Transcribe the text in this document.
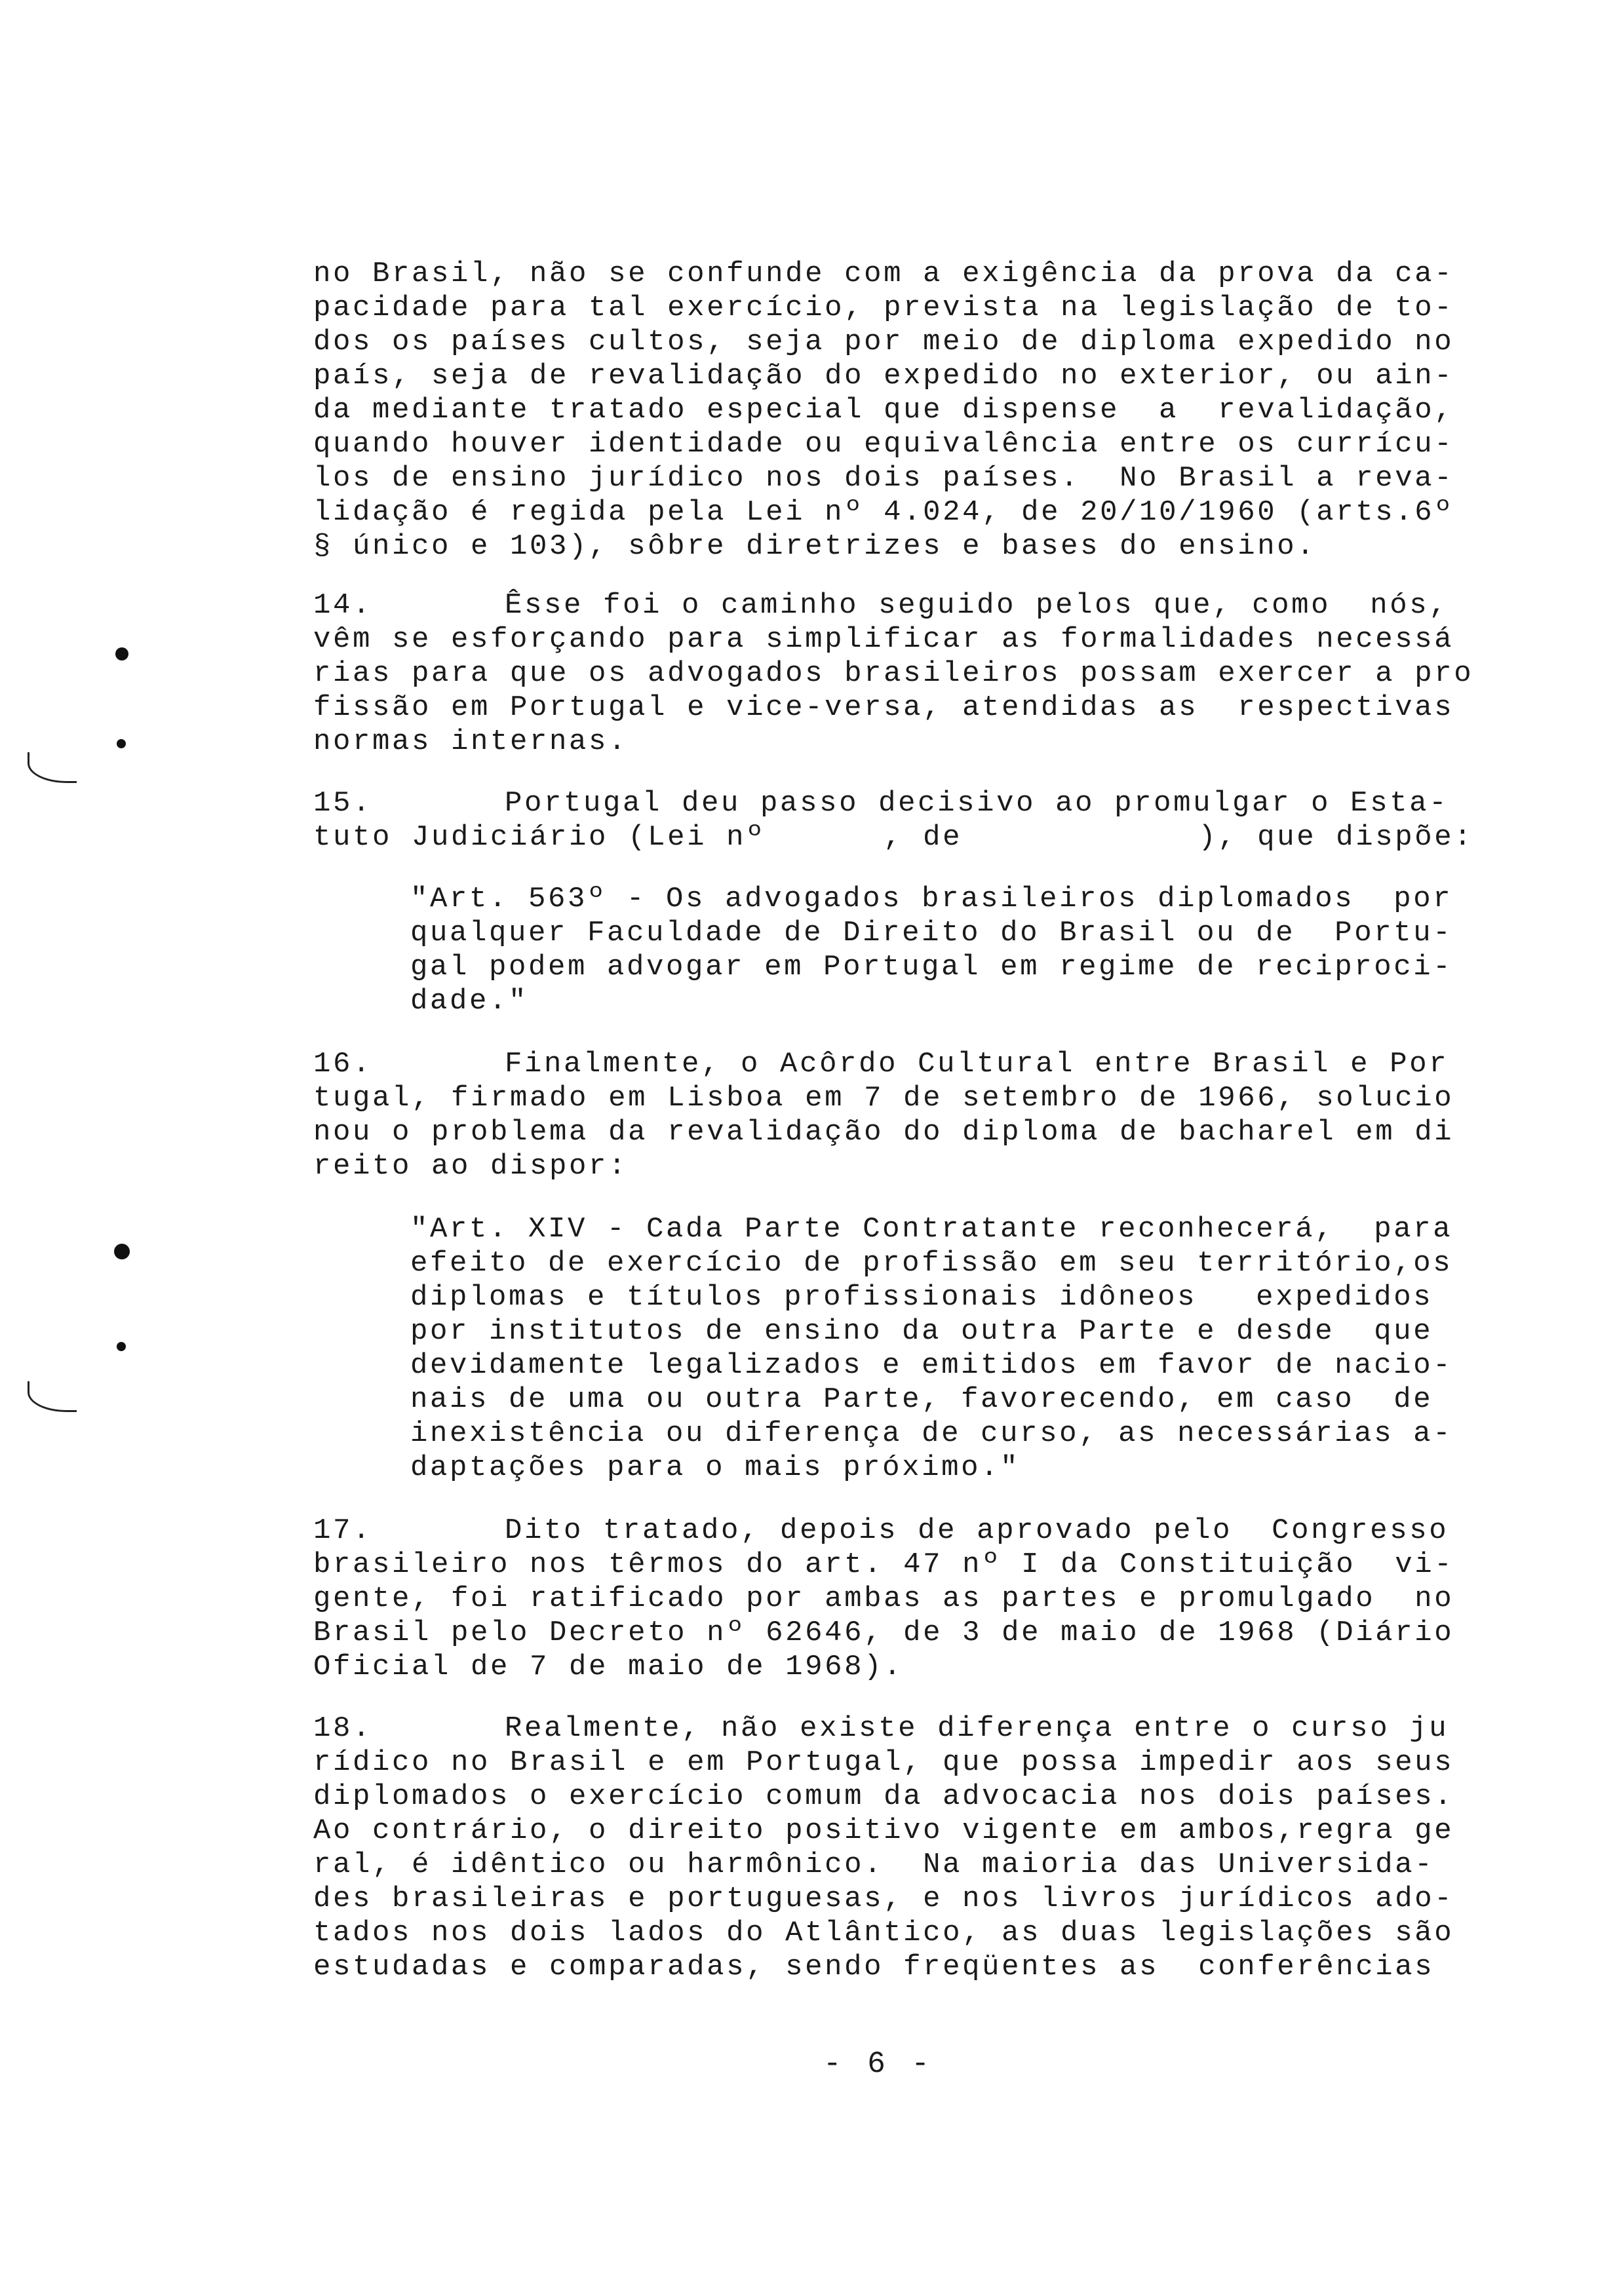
no Brasil, não se confunde com a exigência da prova da ca-
pacidade para tal exercício, prevista na legislação de to-
dos os países cultos, seja por meio de diploma expedido no
país, seja de revalidação do expedido no exterior, ou ain-
da mediante tratado especial que dispense  a  revalidação,
quando houver identidade ou equivalência entre os currícu-
los de ensino jurídico nos dois países.  No Brasil a reva-
lidação é regida pela Lei nº 4.024, de 20/10/1960 (arts.6º
§ único e 103), sôbre diretrizes e bases do ensino.
14.	Êsse foi o caminho seguido pelos que, como  nós,
vêm se esforçando para simplificar as formalidades necessá
rias para que os advogados brasileiros possam exercer a pro
fissão em Portugal e vice-versa, atendidas as  respectivas
normas internas.
15.	Portugal deu passo decisivo ao promulgar o Esta-
tuto Judiciário (Lei nº      , de            ), que dispõe:
"Art. 563º - Os advogados brasileiros diplomados  por
qualquer Faculdade de Direito do Brasil ou de  Portu-
gal podem advogar em Portugal em regime de reciproci-
dade."
16.	Finalmente, o Acôrdo Cultural entre Brasil e Por
tugal, firmado em Lisboa em 7 de setembro de 1966, solucio
nou o problema da revalidação do diploma de bacharel em di
reito ao dispor:
"Art. XIV - Cada Parte Contratante reconhecerá,  para
efeito de exercício de profissão em seu território,os
diplomas e títulos profissionais idôneos   expedidos
por institutos de ensino da outra Parte e desde  que
devidamente legalizados e emitidos em favor de nacio-
nais de uma ou outra Parte, favorecendo, em caso  de
inexistência ou diferença de curso, as necessárias a-
daptações para o mais próximo."
17.	Dito tratado, depois de aprovado pelo  Congresso
brasileiro nos têrmos do art. 47 nº I da Constituição  vi-
gente, foi ratificado por ambas as partes e promulgado  no
Brasil pelo Decreto nº 62646, de 3 de maio de 1968 (Diário
Oficial de 7 de maio de 1968).
18.	Realmente, não existe diferença entre o curso ju
rídico no Brasil e em Portugal, que possa impedir aos seus
diplomados o exercício comum da advocacia nos dois países.
Ao contrário, o direito positivo vigente em ambos,regra ge
ral, é idêntico ou harmônico.  Na maioria das Universida-
des brasileiras e portuguesas, e nos livros jurídicos ado-
tados nos dois lados do Atlântico, as duas legislações são
estudadas e comparadas, sendo freqüentes as  conferências
- 6 -
